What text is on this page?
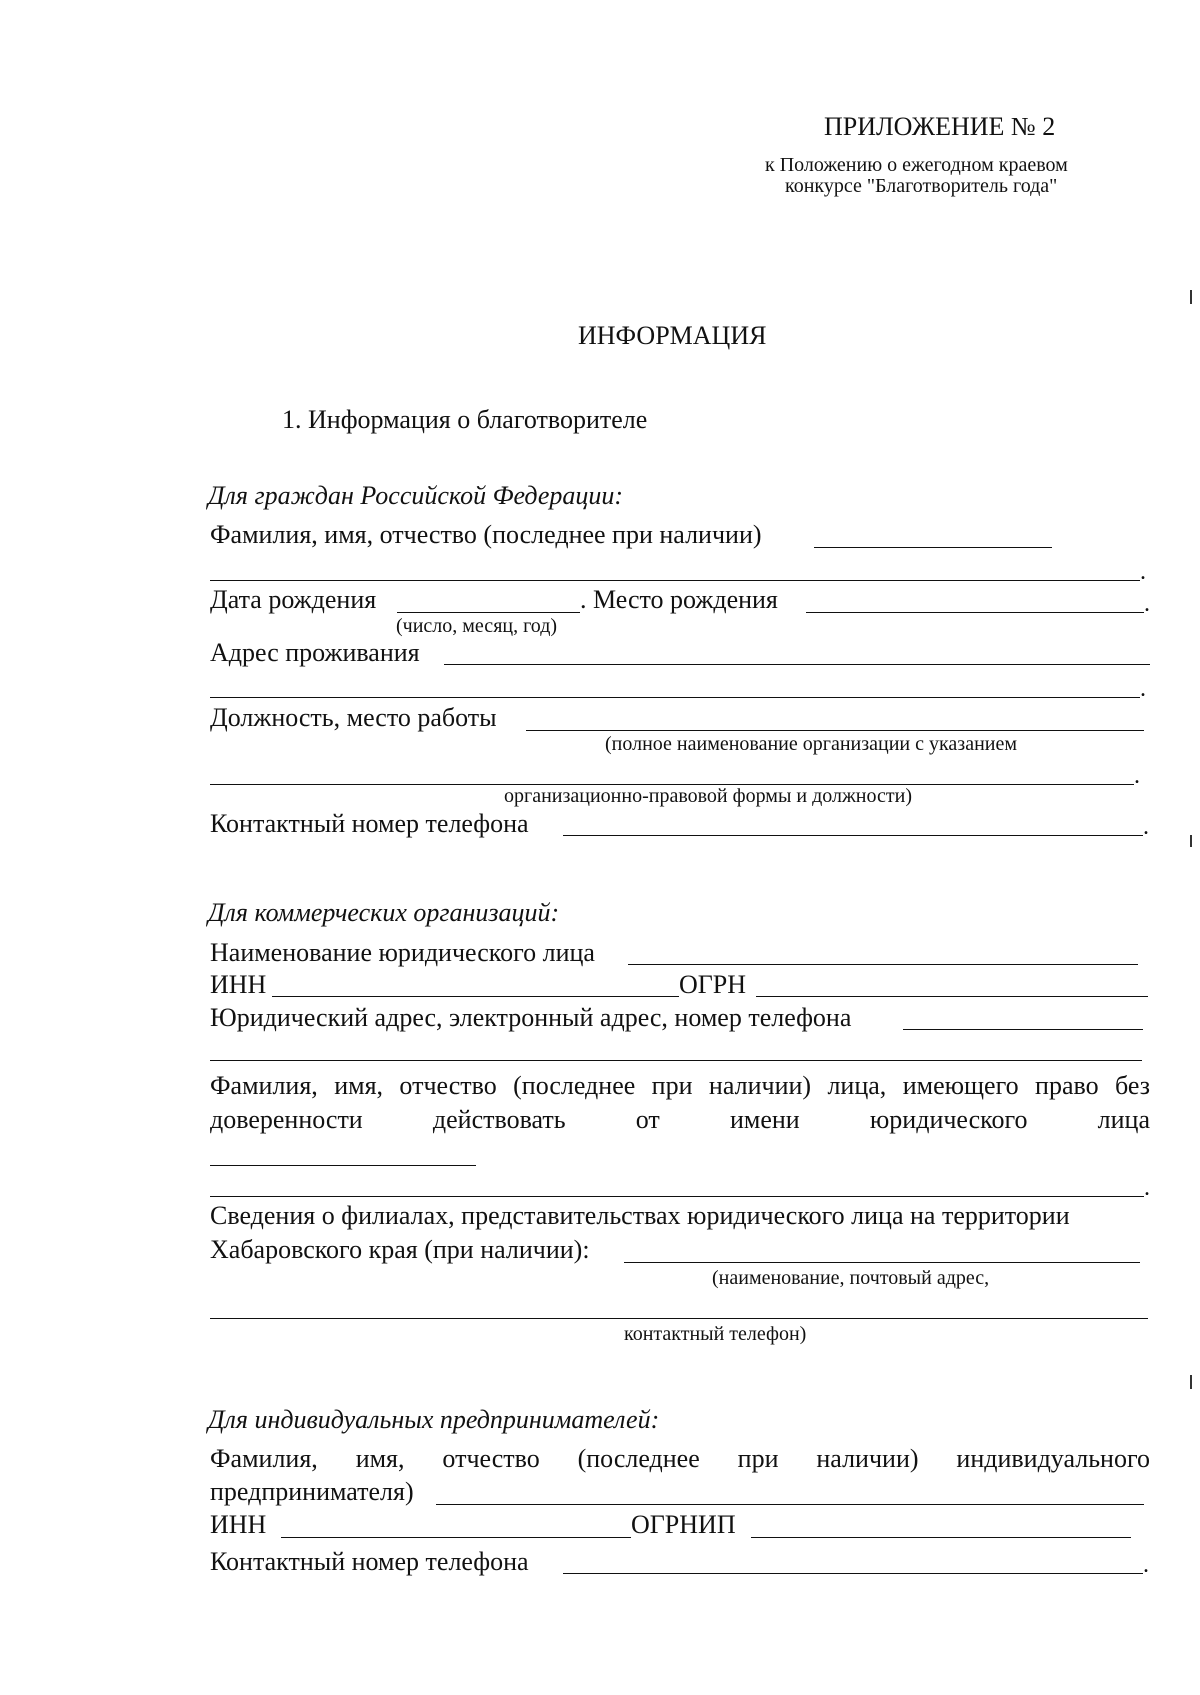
ПРИЛОЖЕНИЕ № 2
к Положению о ежегодном краевом
конкурсе "Благотворитель года"
ИНФОРМАЦИЯ
1. Информация о благотворителе
Для граждан Российской Федерации:
Фамилия, имя, отчество (последнее при наличии)
.
Дата рождения	. Место рождения	.
(число, месяц, год)
Адрес проживания
.
Должность, место работы
(полное наименование организации с указанием
.
организационно-правовой формы и должности)
Контактный номер телефона	.
Для коммерческих организаций:
Наименование юридического лица
ИНН	ОГРН
Юридический адрес, электронный адрес, номер телефона
Фамилия, имя, отчество (последнее при наличии) лица, имеющего право без
доверенности действовать от имени юридического лица
.
Сведения о филиалах, представительствах юридического лица на территории
Хабаровского края (при наличии):
(наименование, почтовый адрес,
контактный телефон)
Для индивидуальных предпринимателей:
Фамилия, имя, отчество (последнее при наличии) индивидуального
предпринимателя)
ИНН	ОГРНИП
Контактный номер телефона	.
